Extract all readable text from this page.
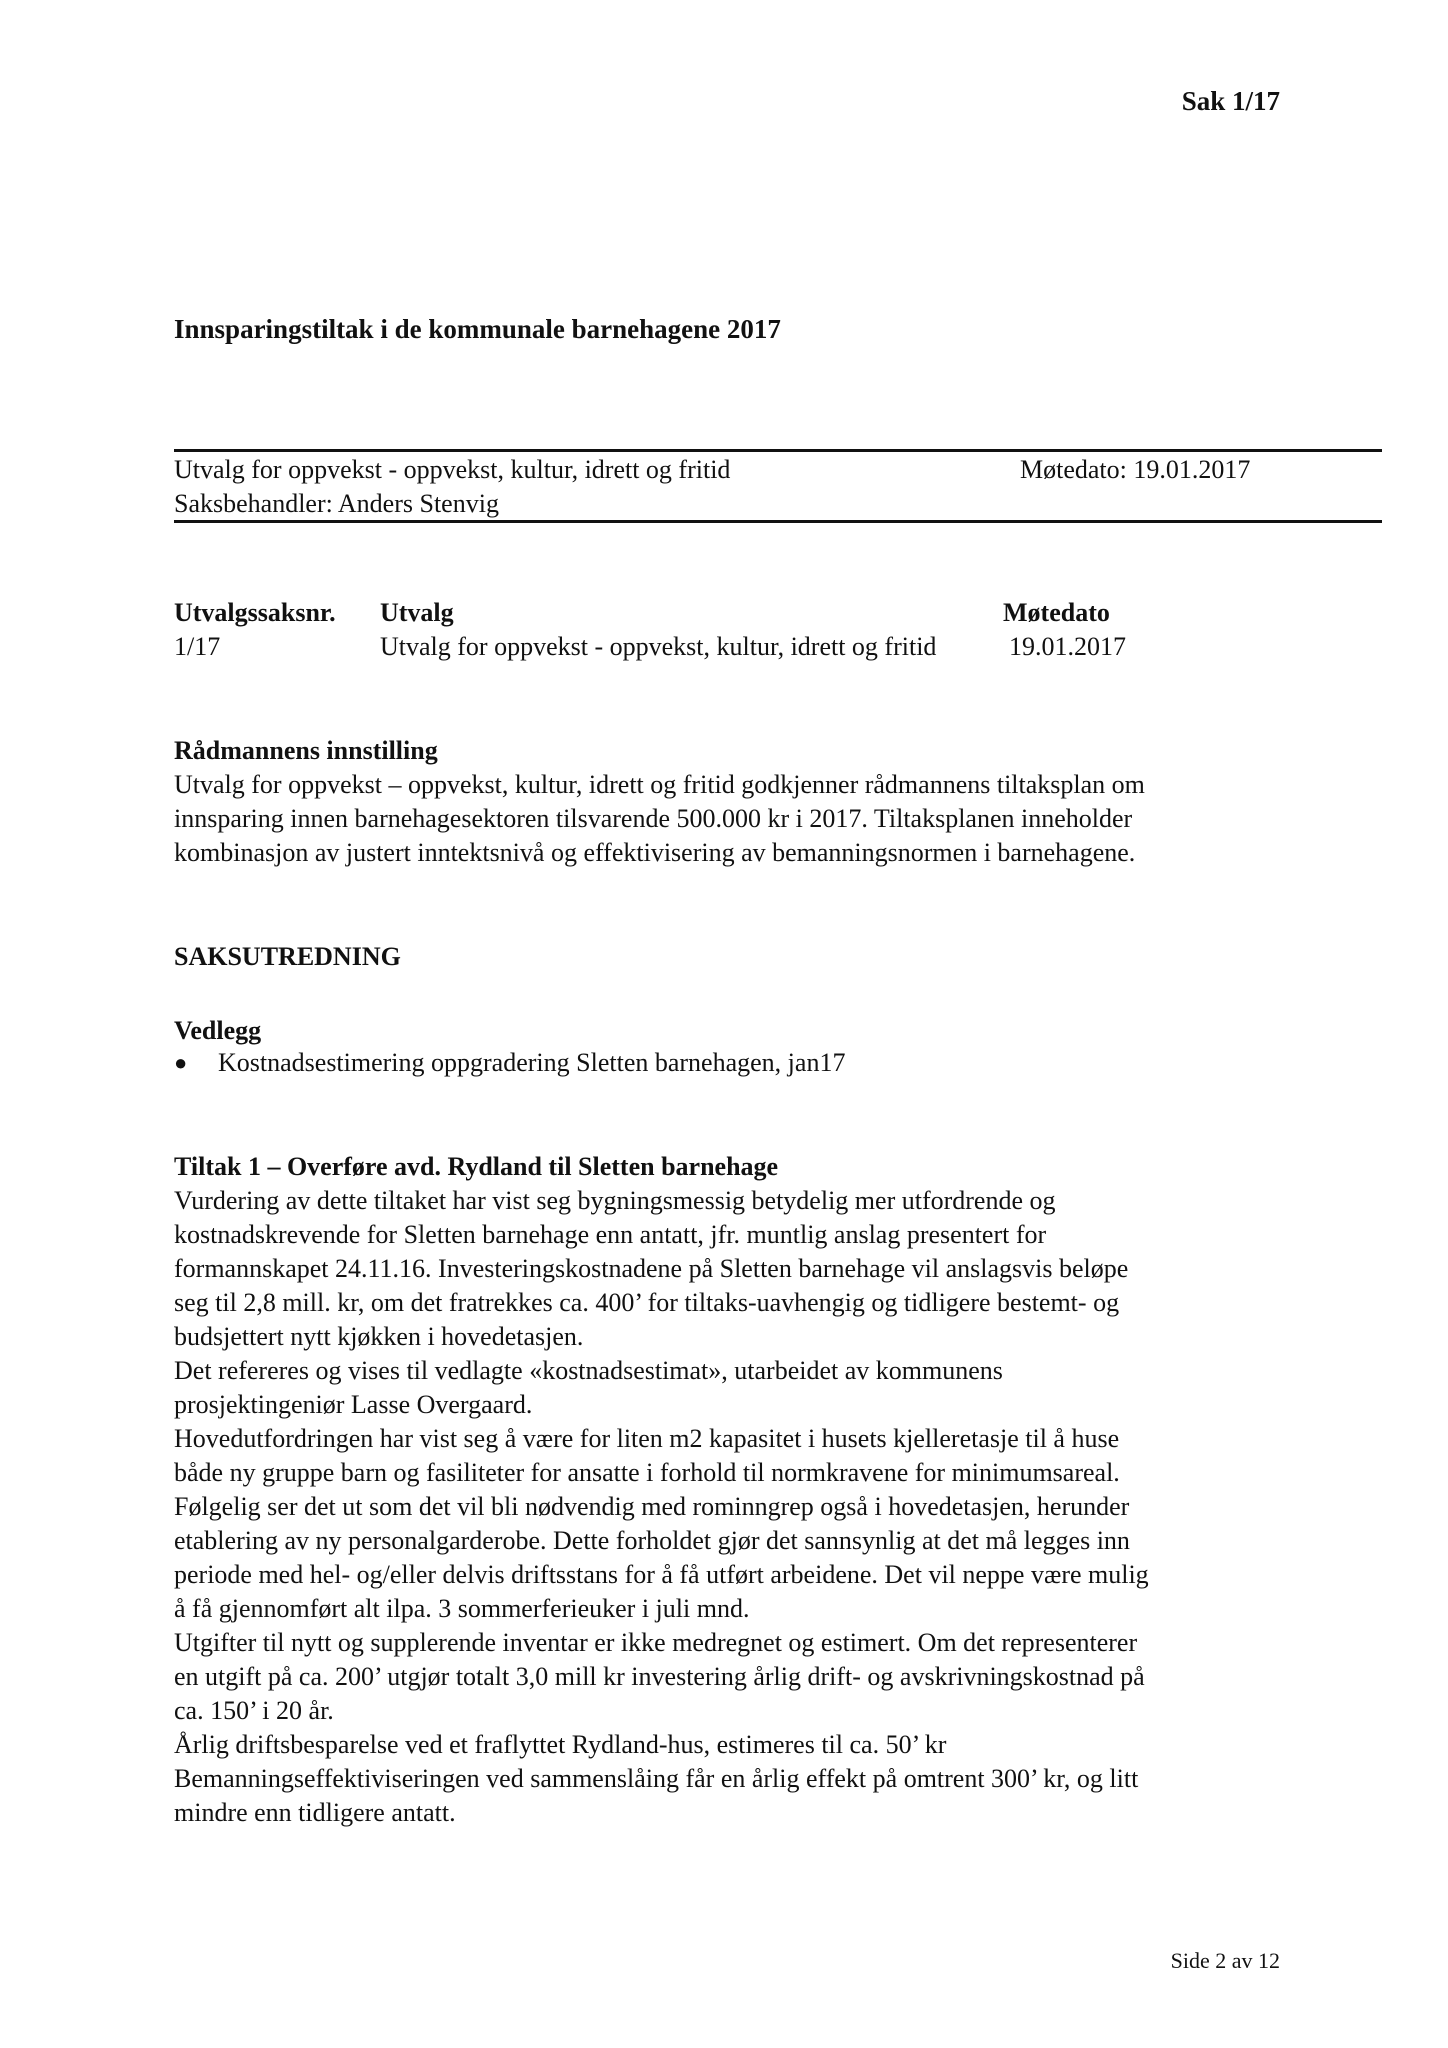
Sak 1/17
Innsparingstiltak i de kommunale barnehagene 2017
Utvalg for oppvekst - oppvekst, kultur, idrett og fritid	Møtedato: 19.01.2017
Saksbehandler: Anders Stenvig
Utvalgssaksnr. Utvalg	Møtedato
1/17	Utvalg for oppvekst - oppvekst, kultur, idrett og fritid	19.01.2017

Rådmannens innstilling

Utvalg for oppvekst – oppvekst, kultur, idrett og fritid godkjenner rådmannens tiltaksplan om

innsparing innen barnehagesektoren tilsvarende 500.000 kr i 2017. Tiltaksplanen inneholder

kombinasjon av justert inntektsnivå og effektivisering av bemanningsnormen i barnehagene.

SAKSUTREDNING
Vedlegg
●	Kostnadsestimering oppgradering Sletten barnehagen, jan17

Tiltak 1 – Overføre avd. Rydland til Sletten barnehage

Vurdering av dette tiltaket har vist seg bygningsmessig betydelig mer utfordrende og

kostnadskrevende for Sletten barnehage enn antatt, jfr. muntlig anslag presentert for

formannskapet 24.11.16. Investeringskostnadene på Sletten barnehage vil anslagsvis beløpe

seg til 2,8 mill. kr, om det fratrekkes ca. 400’ for tiltaks-uavhengig og tidligere bestemt- og

budsjettert nytt kjøkken i hovedetasjen.

Det refereres og vises til vedlagte «kostnadsestimat», utarbeidet av kommunens

prosjektingeniør Lasse Overgaard.

Hovedutfordringen har vist seg å være for liten m2 kapasitet i husets kjelleretasje til å huse

både ny gruppe barn og fasiliteter for ansatte i forhold til normkravene for minimumsareal.

Følgelig ser det ut som det vil bli nødvendig med rominngrep også i hovedetasjen, herunder

etablering av ny personalgarderobe. Dette forholdet gjør det sannsynlig at det må legges inn

periode med hel- og/eller delvis driftsstans for å få utført arbeidene. Det vil neppe være mulig

å få gjennomført alt ilpa. 3 sommerferieuker i juli mnd.

Utgifter til nytt og supplerende inventar er ikke medregnet og estimert. Om det representerer

en utgift på ca. 200’ utgjør totalt 3,0 mill kr investering årlig drift- og avskrivningskostnad på

ca. 150’ i 20 år.

Årlig driftsbesparelse ved et fraflyttet Rydland-hus, estimeres til ca. 50’ kr

Bemanningseffektiviseringen ved sammenslåing får en årlig effekt på omtrent 300’ kr, og litt

mindre enn tidligere antatt.

Side 2 av 12
